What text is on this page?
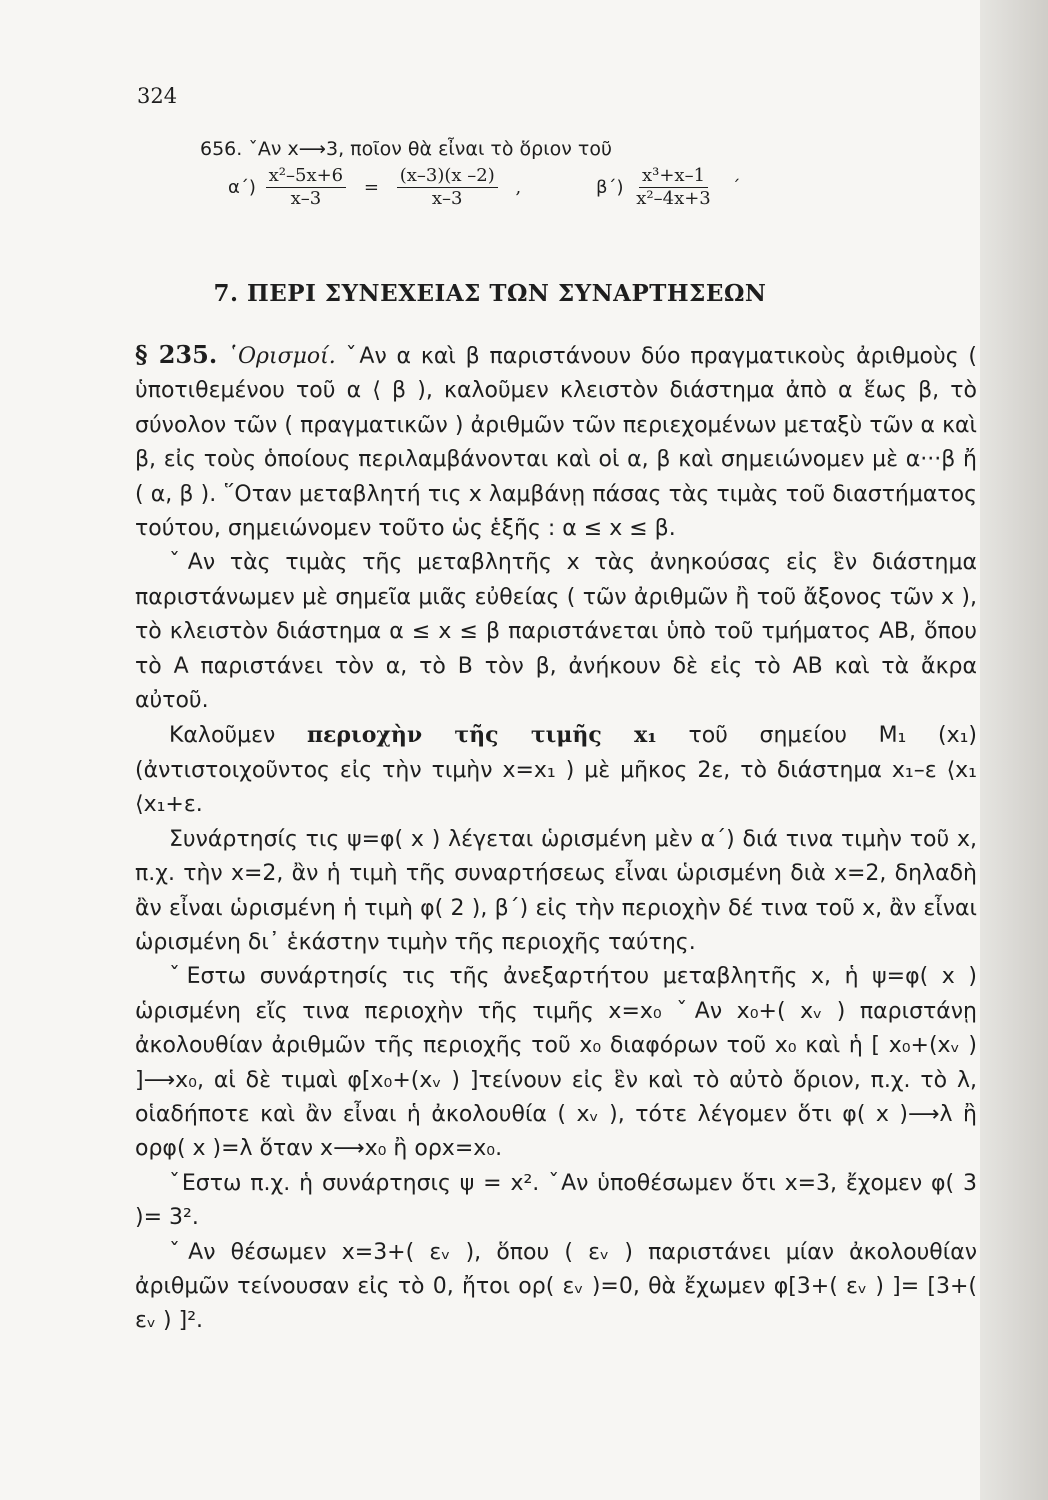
324
656. ˇΑν x⟶3, ποῖον θὰ εἶναι τὸ ὅριον τοῦ
$\alpha΄) \frac{\text{x²–5x+6}}{x-3} = \frac{(x-3)(x -2)}{x-3}$ ,	$\beta΄) \frac{\text{x³+x–1}}{\text{x²–4x+3}}$ ΄
7. ΠΕΡΙ ΣΥΝΕΧΕΙΑΣ ΤΩΝ ΣΥΝΑΡΤΗΣΕΩΝ

§ 235. ῾Ορισμοί. ˇΑν α καὶ β παριστάνουν δύο πραγματικοὺς ἀριθμοὺς ( ὑποτιθεμένου τοῦ α ⟨ β ), καλοῦμεν κλειστὸν διάστημα ἀπὸ α ἕως β, τὸ σύνολον τῶν ( πραγματικῶν ) ἀριθμῶν τῶν περιεχομένων μεταξὺ τῶν α καὶ β, εἰς τοὺς ὁποίους περιλαμβάνονται καὶ οἱ α, β καὶ σημειώνομεν μὲ α···β ἤ ( α, β ). ῞Οταν μεταβλητή τις x λαμβάνῃ πάσας τὰς τιμὰς τοῦ διαστήματος τούτου, σημειώνομεν τοῦτο ὡς ἑξῆς : α ≤ x ≤ β.

ˇΑν τὰς τιμὰς τῆς μεταβλητῆς x τὰς ἀνηκούσας εἰς ἓν διάστημα παριστάνωμεν μὲ σημεῖα μιᾶς εὐθείας ( τῶν ἀριθμῶν ἢ τοῦ ἄξονος τῶν x ), τὸ κλειστὸν διάστημα α ≤ x ≤ β παριστάνεται ὑπὸ τοῦ τμήματος ΑΒ, ὅπου τὸ Α παριστάνει τὸν α, τὸ Β τὸν β, ἀνήκουν δὲ εἰς τὸ ΑΒ καὶ τὰ ἄκρα αὐτοῦ.

Καλοῦμεν περιοχὴν τῆς τιμῆς x₁ τοῦ σημείου Μ₁ (x₁) (ἀντιστοιχοῦντος εἰς τὴν τιμὴν x=x₁ ) μὲ μῆκος 2ε, τὸ διάστημα x₁–ε ⟨x₁ ⟨x₁+ε.

Συνάρτησίς τις ψ=φ( x ) λέγεται ὡρισμένη μὲν α΄) διά τινα τιμὴν τοῦ x, π.χ. τὴν x=2, ἂν ἡ τιμὴ τῆς συναρτήσεως εἶναι ὡρισμένη διὰ x=2, δηλαδὴ ἂν εἶναι ὡρισμένη ἡ τιμὴ φ( 2 ), β΄) εἰς τὴν περιοχὴν δέ τινα τοῦ x, ἂν εἶναι ὡρισμένη δι᾽ ἑκάστην τιμὴν τῆς περιοχῆς ταύτης.

ˇΕστω συνάρτησίς τις τῆς ἀνεξαρτήτου μεταβλητῆς x, ἡ ψ=φ( x ) ὡρισμένη εἴς τινα περιοχὴν τῆς τιμῆς x=x₀ ˇΑν x₀+( xᵥ ) παριστάνῃ ἀκολουθίαν ἀριθμῶν τῆς περιοχῆς τοῦ x₀ διαφόρων τοῦ x₀ καὶ ἡ [ x₀+(xᵥ ) ]⟶x₀, αἱ δὲ τιμαὶ φ[x₀+(xᵥ ) ]τείνουν εἰς ἓν καὶ τὸ αὐτὸ ὅριον, π.χ. τὸ λ, οἱαδήποτε καὶ ἂν εἶναι ἡ ἀκολουθία ( xᵥ ), τότε λέγομεν ὅτι φ( x )⟶λ ἢ ορφ( x )=λ ὅταν x⟶x₀ ἢ ορx=x₀.

ˇΕστω π.χ. ἡ συνάρτησις ψ = x². ˇΑν ὑποθέσωμεν ὅτι x=3, ἔχομεν φ( 3 )= 3².

ˇΑν θέσωμεν x=3+( εᵥ ), ὅπου ( εᵥ ) παριστάνει μίαν ἀκολουθίαν ἀριθμῶν τείνουσαν εἰς τὸ 0, ἤτοι ορ( εᵥ )=0, θὰ ἔχωμεν φ[3+( εᵥ ) ]= [3+( εᵥ ) ]².
